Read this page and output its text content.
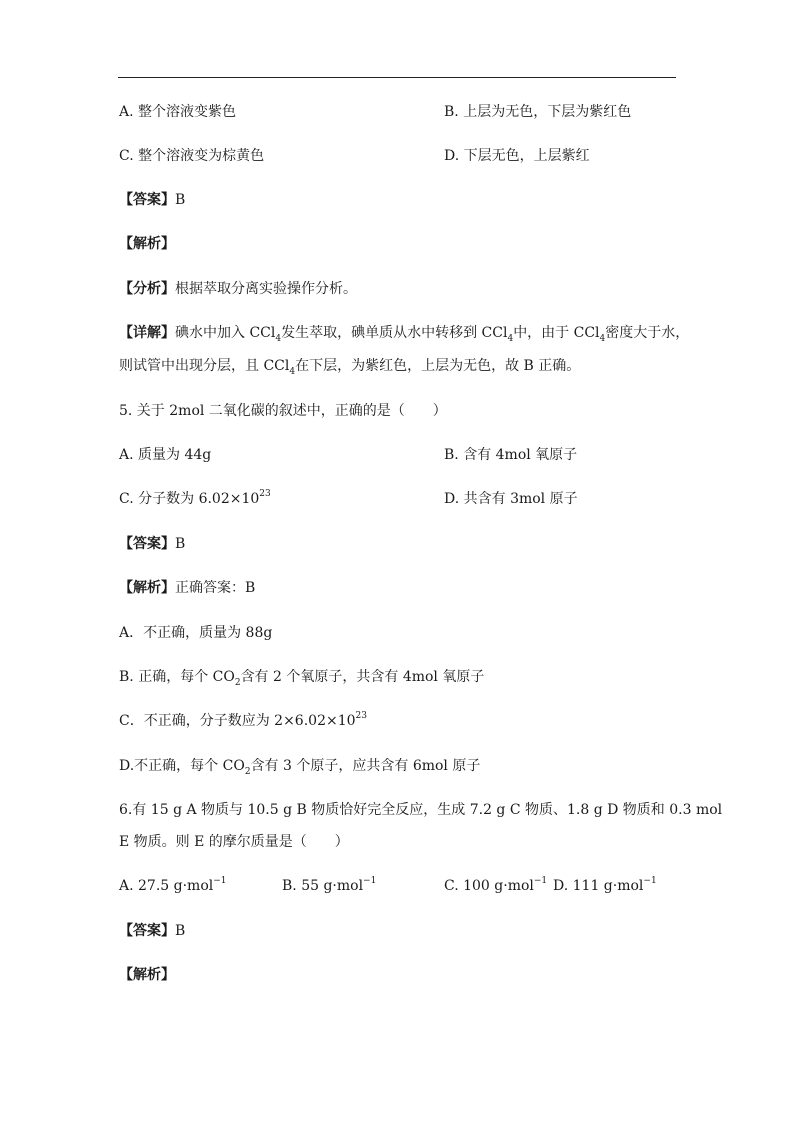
A. 整个溶液变紫色	B. 上层为无色，下层为紫红色
C. 整个溶液变为棕黄色	D. 下层无色，上层紫红
【答案】B
【解析】
【分析】根据萃取分离实验操作分析。
【详解】碘水中加入 CCl$_4$发生萃取，碘单质从水中转移到 CCl$_4$中，由于 CCl$_4$密度大于水，
则试管中出现分层，且 CCl$_4$在下层，为紫红色，上层为无色，故 B 正确。
5. 关于 2mol 二氧化碳的叙述中，正确的是（　　）
A. 质量为 44g	B. 含有 4mol 氧原子
C. 分子数为 $6.02\times 10^{23}$	D. 共含有 3mol 原子
【答案】B
【解析】正确答案：B
A．不正确，质量为 88g
B. 正确，每个 $CO_2$含有 2 个氧原子，共含有 4mol 氧原子
C．不正确，分子数应为 $2\times 6.02\times 10^{23}$
D.不正确，每个 $CO_2$含有 3 个原子，应共含有 6mol 原子
6.有 15 g A 物质与 10.5 g B 物质恰好完全反应，生成 7.2 g C 物质、1.8 g D 物质和 0.3 mol
E 物质。则 E 的摩尔质量是（　　）
A. 27.5 g·mol$^{-1}$	B. 55 g·mol$^{-1}$	C. 100 g·mol$^{-1}$ D. 111 g·mol$^{-1}$
【答案】B
【解析】
